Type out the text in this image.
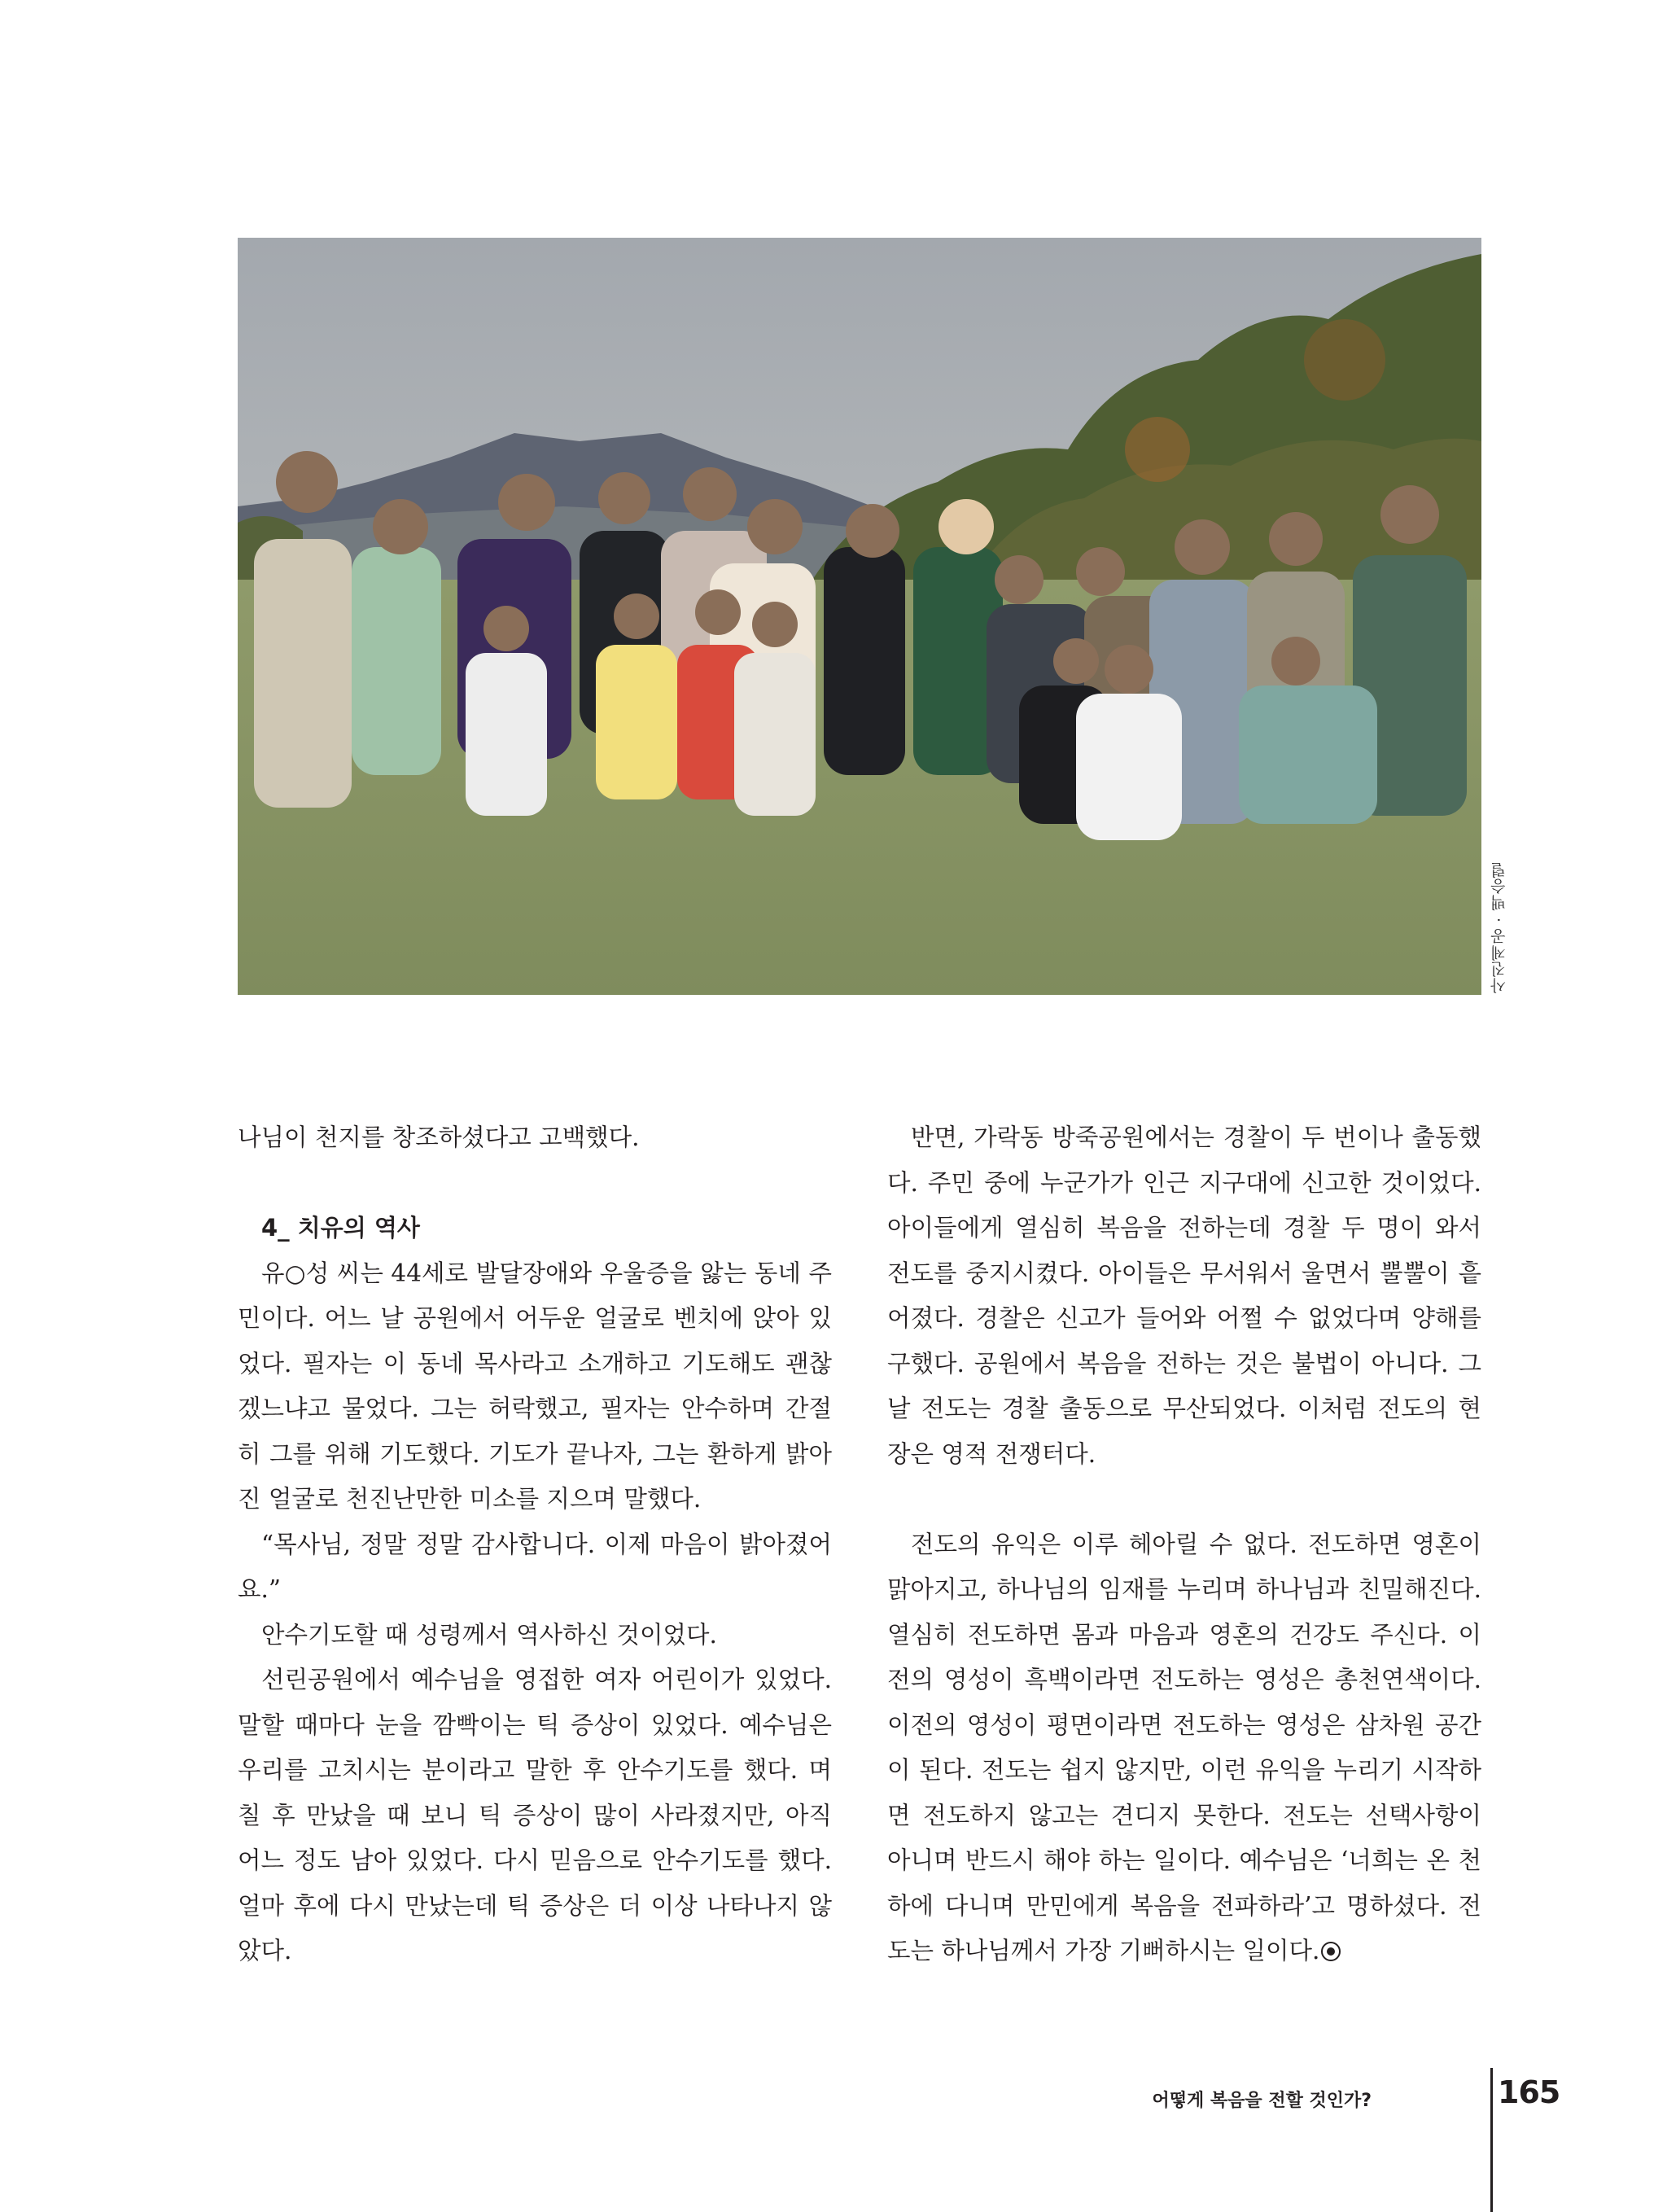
사진제공 · 백승렬

나님이 천지를 창조하셨다고 고백했다.

4_ 치유의 역사

유○성 씨는 44세로 발달장애와 우울증을 앓는 동네 주민이다. 어느 날 공원에서 어두운 얼굴로 벤치에 앉아 있었다. 필자는 이 동네 목사라고 소개하고 기도해도 괜찮겠느냐고 물었다. 그는 허락했고, 필자는 안수하며 간절히 그를 위해 기도했다. 기도가 끝나자, 그는 환하게 밝아진 얼굴로 천진난만한 미소를 지으며 말했다.

“목사님, 정말 정말 감사합니다. 이제 마음이 밝아졌어요.”

안수기도할 때 성령께서 역사하신 것이었다.

선린공원에서 예수님을 영접한 여자 어린이가 있었다. 말할 때마다 눈을 깜빡이는 틱 증상이 있었다. 예수님은 우리를 고치시는 분이라고 말한 후 안수기도를 했다. 며칠 후 만났을 때 보니 틱 증상이 많이 사라졌지만, 아직 어느 정도 남아 있었다. 다시 믿음으로 안수기도를 했다. 얼마 후에 다시 만났는데 틱 증상은 더 이상 나타나지 않았다.

반면, 가락동 방죽공원에서는 경찰이 두 번이나 출동했다. 주민 중에 누군가가 인근 지구대에 신고한 것이었다. 아이들에게 열심히 복음을 전하는데 경찰 두 명이 와서 전도를 중지시켰다. 아이들은 무서워서 울면서 뿔뿔이 흩어졌다. 경찰은 신고가 들어와 어쩔 수 없었다며 양해를 구했다. 공원에서 복음을 전하는 것은 불법이 아니다. 그날 전도는 경찰 출동으로 무산되었다. 이처럼 전도의 현장은 영적 전쟁터다.

전도의 유익은 이루 헤아릴 수 없다. 전도하면 영혼이 맑아지고, 하나님의 임재를 누리며 하나님과 친밀해진다. 열심히 전도하면 몸과 마음과 영혼의 건강도 주신다. 이전의 영성이 흑백이라면 전도하는 영성은 총천연색이다. 이전의 영성이 평면이라면 전도하는 영성은 삼차원 공간이 된다. 전도는 쉽지 않지만, 이런 유익을 누리기 시작하면 전도하지 않고는 견디지 못한다. 전도는 선택사항이 아니며 반드시 해야 하는 일이다. 예수님은 ‘너희는 온 천하에 다니며 만민에게 복음을 전파하라’고 명하셨다. 전도는 하나님께서 가장 기뻐하시는 일이다.

어떻게 복음을 전할 것인가?	165
